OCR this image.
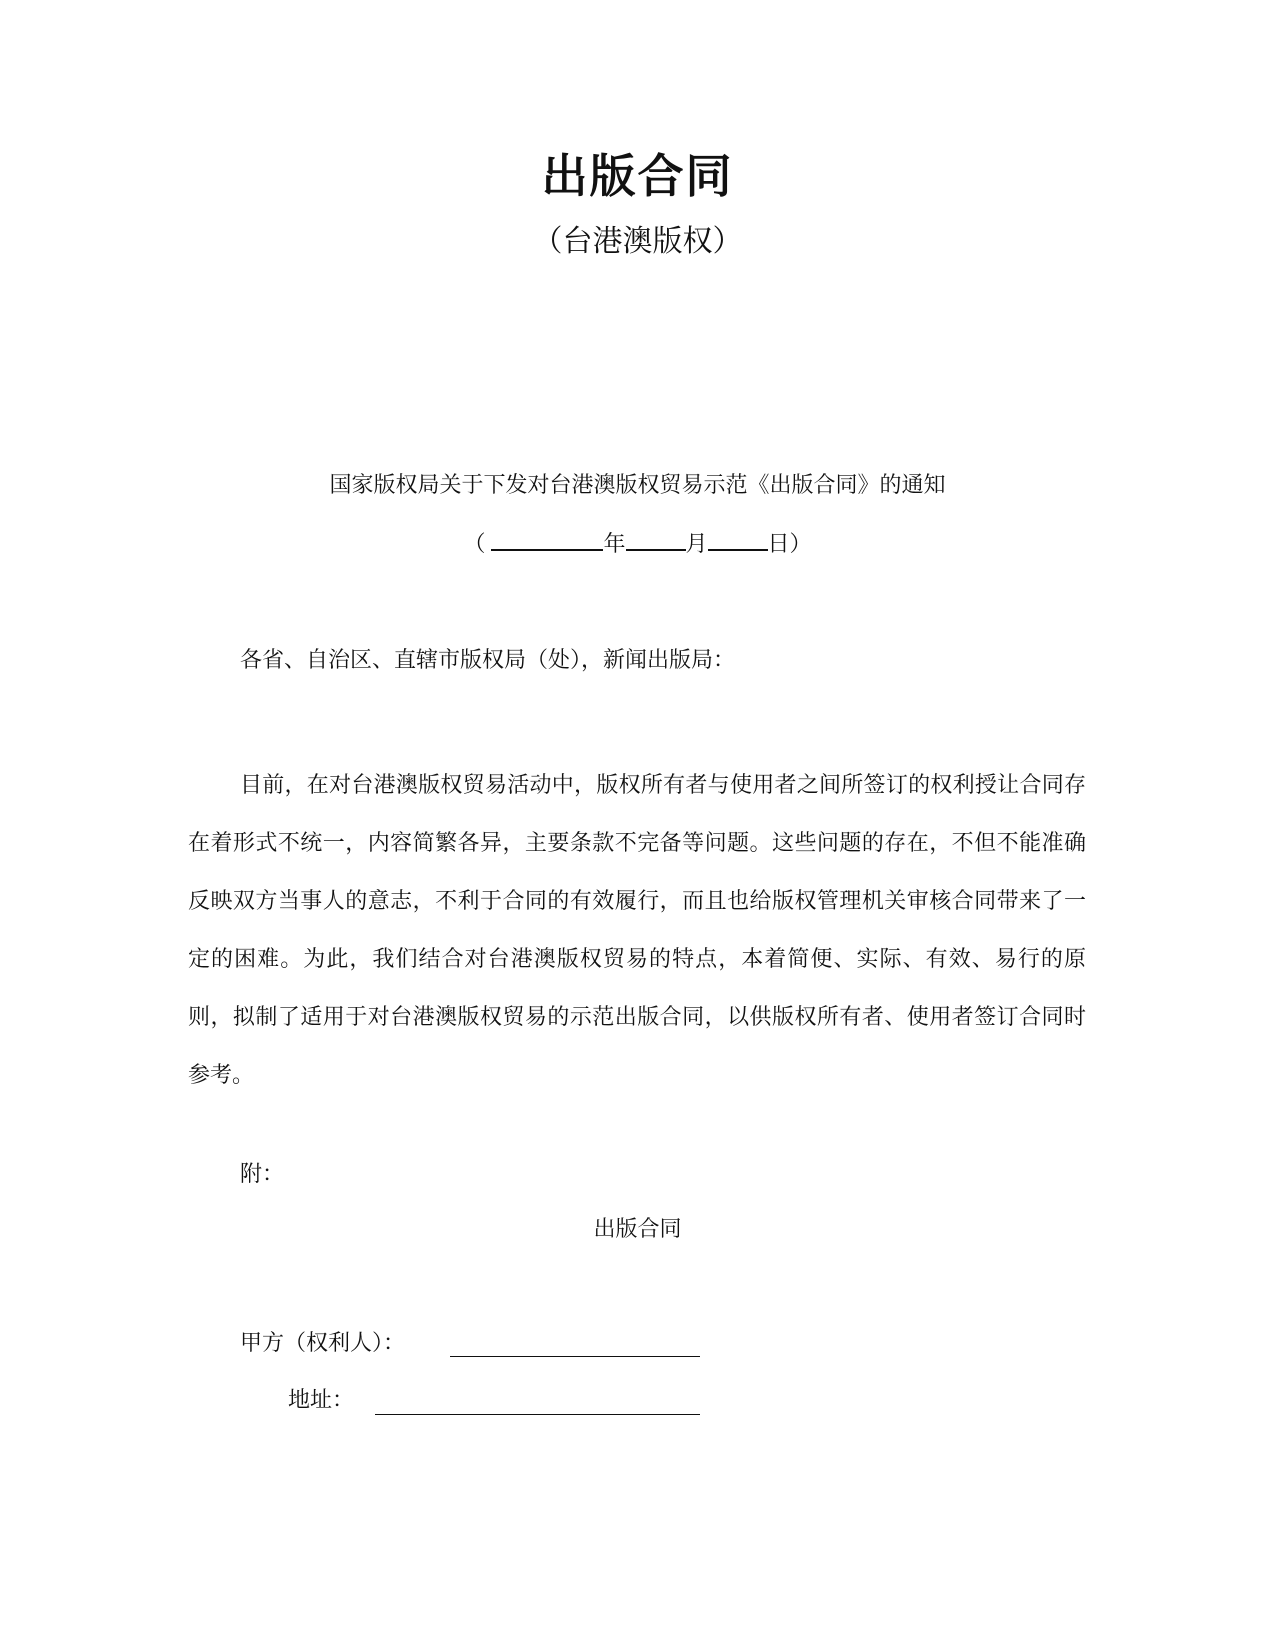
出版合同
（台港澳版权）
国家版权局关于下发对台港澳版权贸易示范《出版合同》的通知
（	年	月	日）
各省、自治区、直辖市版权局（处），新闻出版局：

目前，在对台港澳版权贸易活动中，版权所有者与使用者之间所签订的权利授让合同存在着形式不统一，内容简繁各异，主要条款不完备等问题。这些问题的存在，不但不能准确反映双方当事人的意志，不利于合同的有效履行，而且也给版权管理机关审核合同带来了一定的困难。为此，我们结合对台港澳版权贸易的特点，本着简便、实际、有效、易行的原则，拟制了适用于对台港澳版权贸易的示范出版合同，以供版权所有者、使用者签订合同时参考。

附：
出版合同
甲方（权利人）：
地址：
